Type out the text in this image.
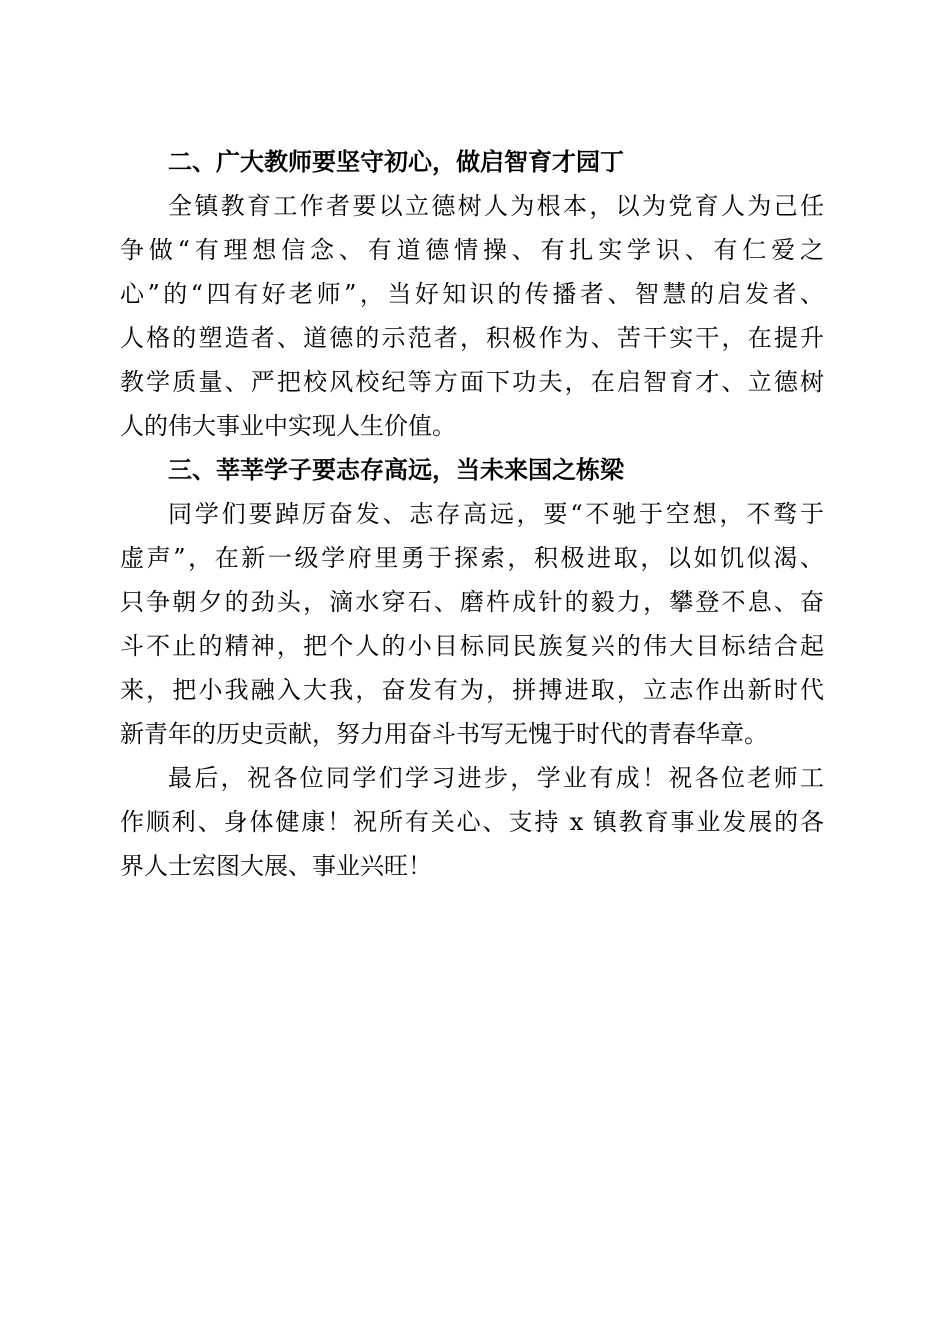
二、广大教师要坚守初心，做启智育才园丁
全镇教育工作者要以立德树人为根本，以为党育人为己任
争做“有理想信念、有道德情操、有扎实学识、有仁爱之
心”的“四有好老师”，当好知识的传播者、智慧的启发者、
人格的塑造者、道德的示范者，积极作为、苦干实干，在提升
教学质量、严把校风校纪等方面下功夫，在启智育才、立德树
人的伟大事业中实现人生价值。
三、莘莘学子要志存高远，当未来国之栋梁
同学们要踔厉奋发、志存高远，要“不驰于空想，不骛于
虚声”，在新一级学府里勇于探索，积极进取，以如饥似渴、
只争朝夕的劲头，滴水穿石、磨杵成针的毅力，攀登不息、奋
斗不止的精神，把个人的小目标同民族复兴的伟大目标结合起
来，把小我融入大我，奋发有为，拼搏进取，立志作出新时代
新青年的历史贡献，努力用奋斗书写无愧于时代的青春华章。
最后，祝各位同学们学习进步，学业有成！祝各位老师工
作顺利、身体健康！祝所有关心、支持 x 镇教育事业发展的各
界人士宏图大展、事业兴旺！
